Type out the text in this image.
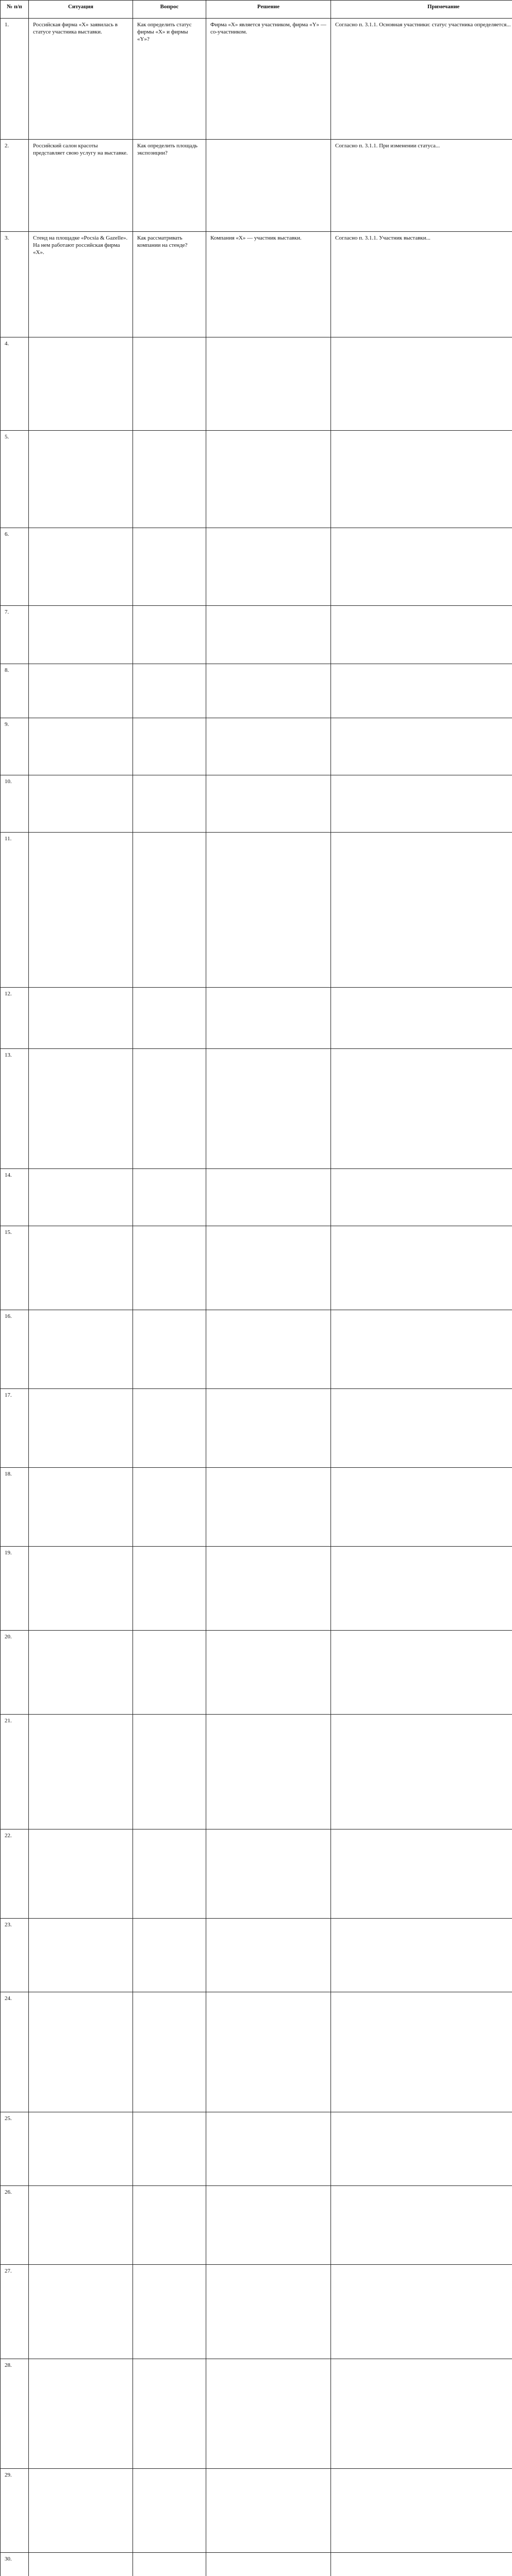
№ п/п	Ситуация	Вопрос	Решение	Примечание
1.	Российская фирма «X» заявилась в статусе участника выставки.	Как определить статус фирмы «X» и фирмы «Y»?	Фирма «X» является участником, фирма «Y» — со-участником.	Согласно п. 3.1.1. Основная участники: статус участника определяется...
2.	Российский салон красоты представляет свою услугу на выставке.	Как определить площадь экспозиции?		Согласно п. 3.1.1. При изменении статуса...
3.	Стенд на площадке «Росsia & Gazelle». На нем работают российская фирма «X».	Как рассматривать компании на стенде?	Компания «X» — участник выставки.	Согласно п. 3.1.1. Участник выставки...
4.				
5.				
6.				
7.				
8.				
9.				
10.				
11.				
12.				
13.				
14.				
15.				
16.				
17.				
18.				
19.				
20.				
21.				
22.				
23.				
24.				
25.				
26.				
27.				
28.				
29.				
30.				
